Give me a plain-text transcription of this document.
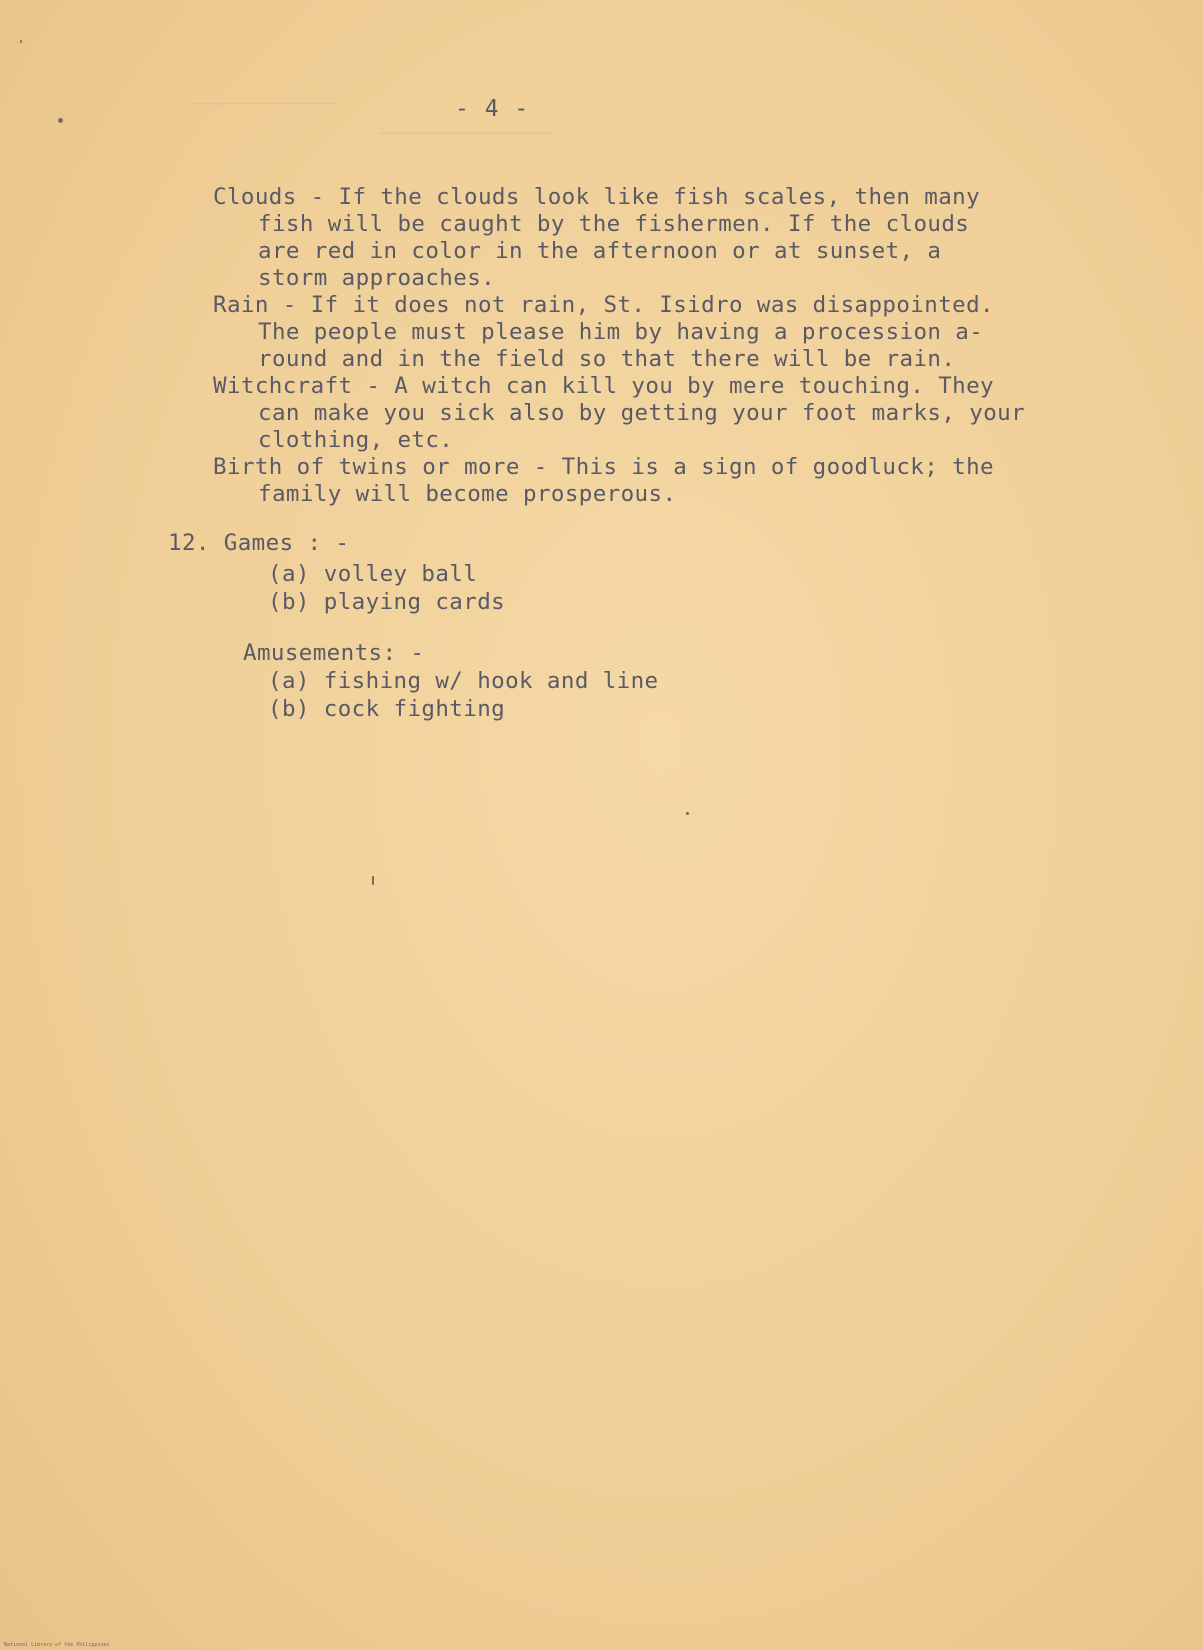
───────────
─────────────
- 4 -
Clouds - If the clouds look like fish scales, then many
fish will be caught by the fishermen. If the clouds
are red in color in the afternoon or at sunset, a
storm approaches.
Rain - If it does not rain, St. Isidro was disappointed.
The people must please him by having a procession a-
round and in the field so that there will be rain.
Witchcraft - A witch can kill you by mere touching. They
can make you sick also by getting your foot marks, your
clothing, etc.
Birth of twins or more - This is a sign of goodluck; the
family will become prosperous.
12. Games : -
(a) volley ball
(b) playing cards
Amusements: -
(a) fishing w/ hook and line
(b) cock fighting
National Library of the Philippines
